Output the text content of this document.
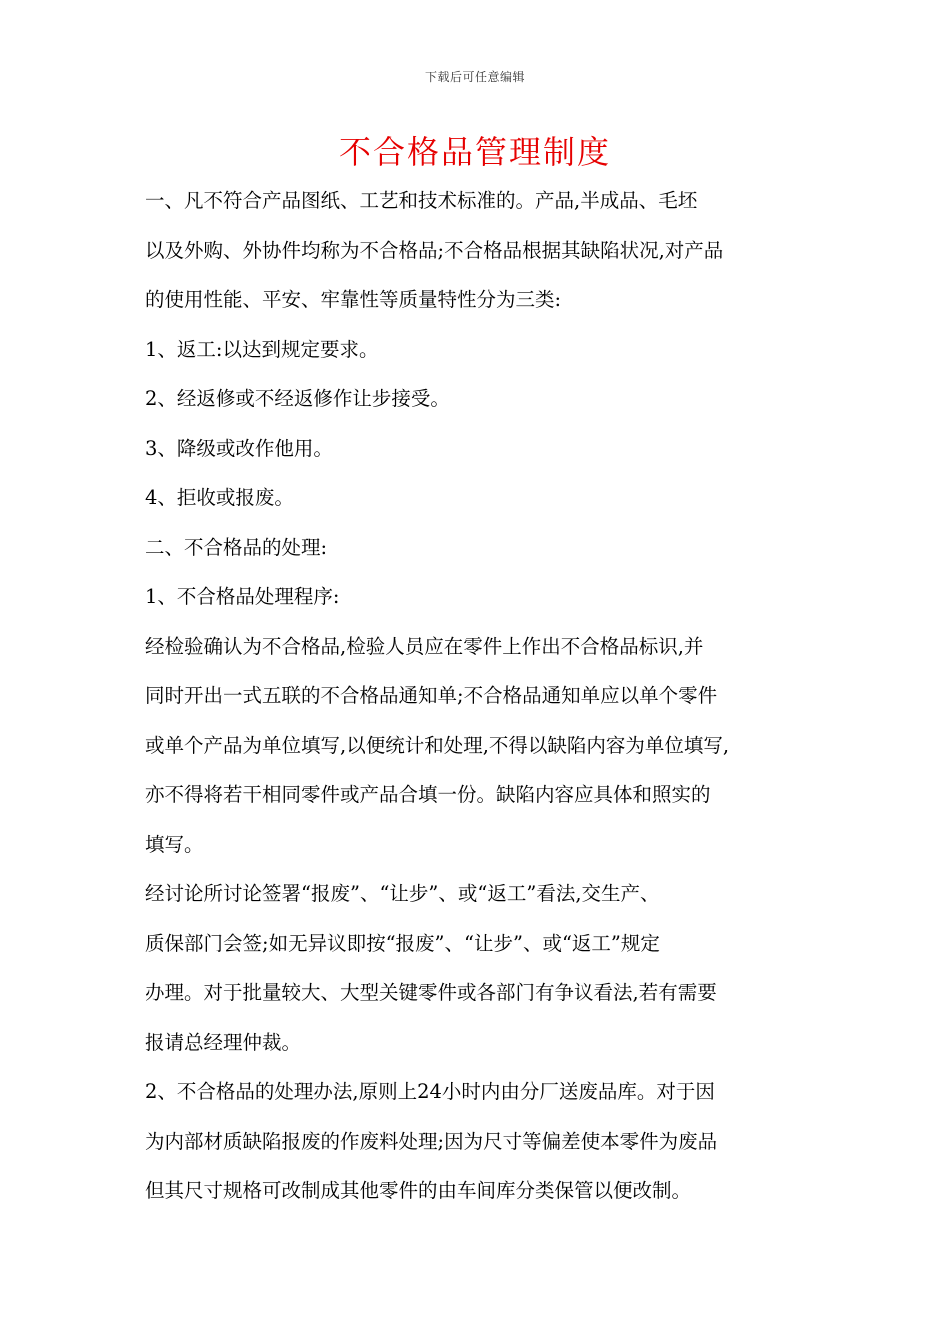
下载后可任意编辑
不合格品管理制度
一、凡不符合产品图纸、工艺和技术标准的。产品,半成品、毛坯
以及外购、外协件均称为不合格品;不合格品根据其缺陷状况,对产品
的使用性能、平安、牢靠性等质量特性分为三类:
1、返工:以达到规定要求。
2、经返修或不经返修作让步接受。
3、降级或改作他用。
4、拒收或报废。
二、不合格品的处理:
1、不合格品处理程序:
经检验确认为不合格品,检验人员应在零件上作出不合格品标识,并
同时开出一式五联的不合格品通知单;不合格品通知单应以单个零件
或单个产品为单位填写,以便统计和处理,不得以缺陷内容为单位填写,
亦不得将若干相同零件或产品合填一份。缺陷内容应具体和照实的
填写。
经讨论所讨论签署“报废”、“让步”、或“返工”看法,交生产、
质保部门会签;如无异议即按“报废”、“让步”、或“返工”规定
办理。对于批量较大、大型关键零件或各部门有争议看法,若有需要
报请总经理仲裁。
2、不合格品的处理办法,原则上24小时内由分厂送废品库。对于因
为内部材质缺陷报废的作废料处理;因为尺寸等偏差使本零件为废品
但其尺寸规格可改制成其他零件的由车间库分类保管以便改制。
